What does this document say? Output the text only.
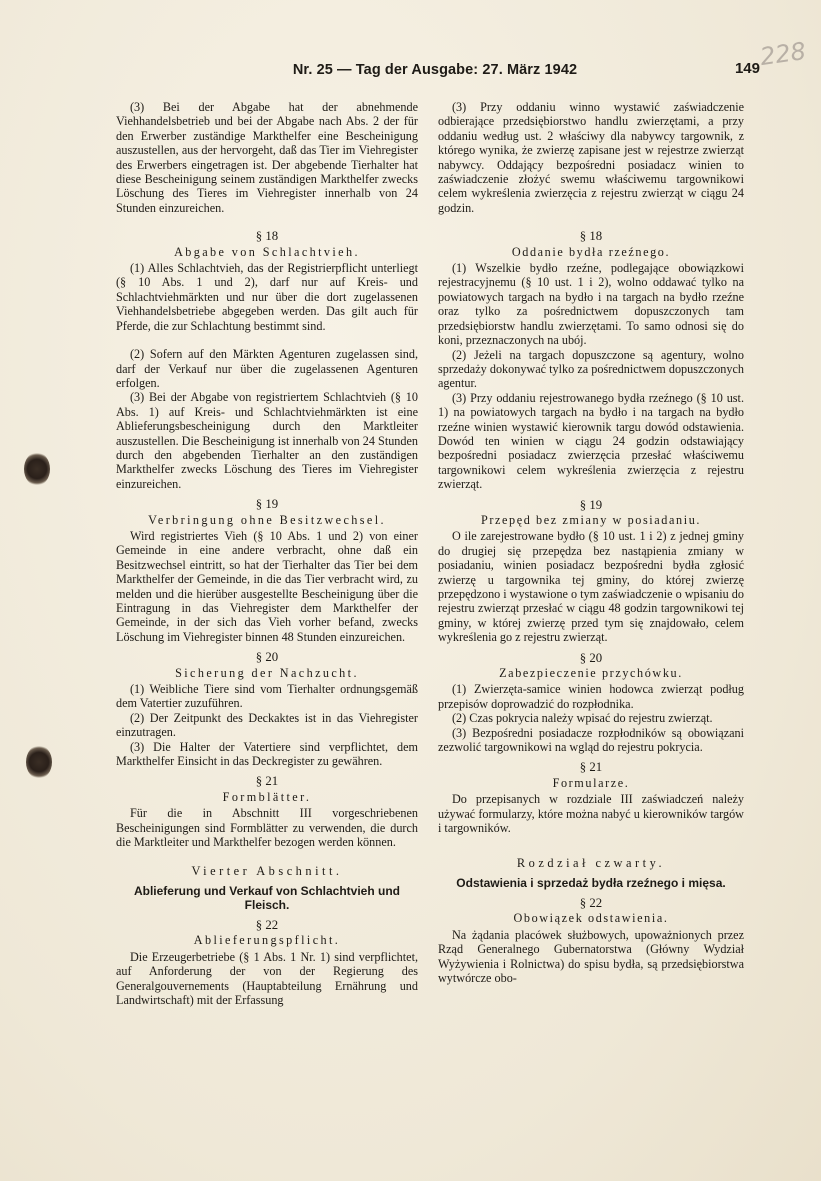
Nr. 25 — Tag der Ausgabe: 27. März 1942	149
228

(3) Bei der Abgabe hat der abnehmende Viehhandelsbetrieb und bei der Abgabe nach Abs. 2 der für den Erwerber zuständige Markthelfer eine Bescheinigung auszustellen, aus der hervorgeht, daß das Tier im Viehregister des Erwerbers eingetragen ist. Der abgebende Tierhalter hat diese Bescheinigung seinem zuständigen Markthelfer zwecks Löschung des Tieres im Viehregister innerhalb von 24 Stunden einzureichen.

§ 18
Abgabe von Schlachtvieh.

(1) Alles Schlachtvieh, das der Registrierpflicht unterliegt (§ 10 Abs. 1 und 2), darf nur auf Kreis- und Schlachtviehmärkten und nur über die dort zugelassenen Viehhandelsbetriebe abgegeben werden. Das gilt auch für Pferde, die zur Schlachtung bestimmt sind.

(2) Sofern auf den Märkten Agenturen zugelassen sind, darf der Verkauf nur über die zugelassenen Agenturen erfolgen.

(3) Bei der Abgabe von registriertem Schlachtvieh (§ 10 Abs. 1) auf Kreis- und Schlachtviehmärkten ist eine Ablieferungsbescheinigung durch den Marktleiter auszustellen. Die Bescheinigung ist innerhalb von 24 Stunden durch den abgebenden Tierhalter an den zuständigen Markthelfer zwecks Löschung des Tieres im Viehregister einzureichen.

§ 19
Verbringung ohne Besitzwechsel.

Wird registriertes Vieh (§ 10 Abs. 1 und 2) von einer Gemeinde in eine andere verbracht, ohne daß ein Besitzwechsel eintritt, so hat der Tierhalter das Tier bei dem Markthelfer der Gemeinde, in die das Tier verbracht wird, zu melden und die hierüber ausgestellte Bescheinigung über die Eintragung in das Viehregister dem Markthelfer der Gemeinde, in der sich das Vieh vorher befand, zwecks Löschung im Viehregister binnen 48 Stunden einzureichen.

§ 20
Sicherung der Nachzucht.

(1) Weibliche Tiere sind vom Tierhalter ordnungsgemäß dem Vatertier zuzuführen.

(2) Der Zeitpunkt des Deckaktes ist in das Viehregister einzutragen.

(3) Die Halter der Vatertiere sind verpflichtet, dem Markthelfer Einsicht in das Deckregister zu gewähren.

§ 21
Formblätter.

Für die in Abschnitt III vorgeschriebenen Bescheinigungen sind Formblätter zu verwenden, die durch die Marktleiter und Markthelfer bezogen werden können.

Vierter Abschnitt.
Ablieferung und Verkauf von Schlachtvieh und Fleisch.
§ 22
Ablieferungspflicht.

Die Erzeugerbetriebe (§ 1 Abs. 1 Nr. 1) sind verpflichtet, auf Anforderung der von der Regierung des Generalgouvernements (Hauptabteilung Ernährung und Landwirtschaft) mit der Erfassung

(3) Przy oddaniu winno wystawić zaświadczenie odbierające przedsiębiorstwo handlu zwierzętami, a przy oddaniu według ust. 2 właściwy dla nabywcy targownik, z którego wynika, że zwierzę zapisane jest w rejestrze zwierząt nabywcy. Oddający bezpośredni posiadacz winien to zaświadczenie złożyć swemu właściwemu targownikowi celem wykreślenia zwierzęcia z rejestru zwierząt w ciągu 24 godzin.

§ 18
Oddanie bydła rzeźnego.

(1) Wszelkie bydło rzeźne, podlegające obowiązkowi rejestracyjnemu (§ 10 ust. 1 i 2), wolno oddawać tylko na powiatowych targach na bydło i na targach na bydło rzeźne oraz tylko za pośrednictwem dopuszczonych tam przedsiębiorstw handlu zwierzętami. To samo odnosi się do koni, przeznaczonych na ubój.

(2) Jeżeli na targach dopuszczone są agentury, wolno sprzedaży dokonywać tylko za pośrednictwem dopuszczonych agentur.

(3) Przy oddaniu rejestrowanego bydła rzeźnego (§ 10 ust. 1) na powiatowych targach na bydło i na targach na bydło rzeźne winien wystawić kierownik targu dowód odstawienia. Dowód ten winien w ciągu 24 godzin odstawiający bezpośredni posiadacz zwierzęcia przesłać właściwemu targownikowi celem wykreślenia zwierzęcia z rejestru zwierząt.

§ 19
Przepęd bez zmiany w posiadaniu.

O ile zarejestrowane bydło (§ 10 ust. 1 i 2) z jednej gminy do drugiej się przepędza bez nastąpienia zmiany w posiadaniu, winien posiadacz bezpośredni bydła zgłosić zwierzę u targownika tej gminy, do której zwierzę przepędzono i wystawione o tym zaświadczenie o wpisaniu do rejestru zwierząt przesłać w ciągu 48 godzin targownikowi tej gminy, w której zwierzę przed tym się znajdowało, celem wykreślenia go z rejestru zwierząt.

§ 20
Zabezpieczenie przychówku.

(1) Zwierzęta-samice winien hodowca zwierząt podług przepisów doprowadzić do rozpłodnika.

(2) Czas pokrycia należy wpisać do rejestru zwierząt.

(3) Bezpośredni posiadacze rozpłodników są obowiązani zezwolić targownikowi na wgląd do rejestru pokrycia.

§ 21
Formularze.

Do przepisanych w rozdziale III zaświadczeń należy używać formularzy, które można nabyć u kierowników targów i targowników.

Rozdział czwarty.
Odstawienia i sprzedaż bydła rzeźnego i mięsa.
§ 22
Obowiązek odstawienia.

Na żądania placówek służbowych, upoważnionych przez Rząd Generalnego Gubernatorstwa (Główny Wydział Wyżywienia i Rolnictwa) do spisu bydła, są przedsiębiorstwa wytwórcze obo-
